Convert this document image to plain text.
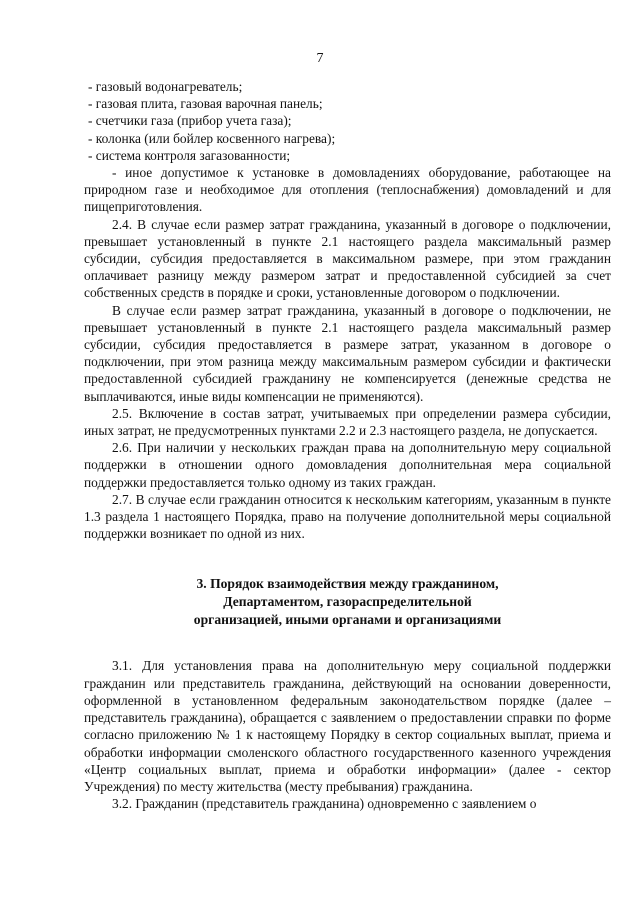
7

- газовый водонагреватель;

- газовая плита, газовая варочная панель;

- счетчики газа (прибор учета газа);

- колонка (или бойлер косвенного нагрева);

- система контроля загазованности;

- иное допустимое к установке в домовладениях оборудование, работающее на природном газе и необходимое для отопления (теплоснабжения) домовладений и для пищеприготовления.

2.4. В случае если размер затрат гражданина, указанный в договоре о подключении, превышает установленный в пункте 2.1 настоящего раздела максимальный размер субсидии, субсидия предоставляется в максимальном размере, при этом гражданин оплачивает разницу между размером затрат и предоставленной субсидией за счет собственных средств в порядке и сроки, установленные договором о подключении.

В случае если размер затрат гражданина, указанный в договоре о подключении, не превышает установленный в пункте 2.1 настоящего раздела максимальный размер субсидии, субсидия предоставляется в размере затрат, указанном в договоре о подключении, при этом разница между максимальным размером субсидии и фактически предоставленной субсидией гражданину не компенсируется (денежные средства не выплачиваются, иные виды компенсации не применяются).

2.5. Включение в состав затрат, учитываемых при определении размера субсидии, иных затрат, не предусмотренных пунктами 2.2 и 2.3 настоящего раздела, не допускается.

2.6. При наличии у нескольких граждан права на дополнительную меру социальной поддержки в отношении одного домовладения дополнительная мера социальной поддержки предоставляется только одному из таких граждан.

2.7. В случае если гражданин относится к нескольким категориям, указанным в пункте 1.3 раздела 1 настоящего Порядка, право на получение дополнительной меры социальной поддержки возникает по одной из них.

3. Порядок взаимодействия между гражданином,
Департаментом, газораспределительной
организацией, иными органами и организациями

3.1. Для установления права на дополнительную меру социальной поддержки гражданин или представитель гражданина, действующий на основании доверенности, оформленной в установленном федеральным законодательством порядке (далее – представитель гражданина), обращается с заявлением о предоставлении справки по форме согласно приложению № 1 к настоящему Порядку в сектор социальных выплат, приема и обработки информации смоленского областного государственного казенного учреждения «Центр социальных выплат, приема и обработки информации» (далее - сектор Учреждения) по месту жительства (месту пребывания) гражданина.

3.2. Гражданин (представитель гражданина) одновременно с заявлением о
